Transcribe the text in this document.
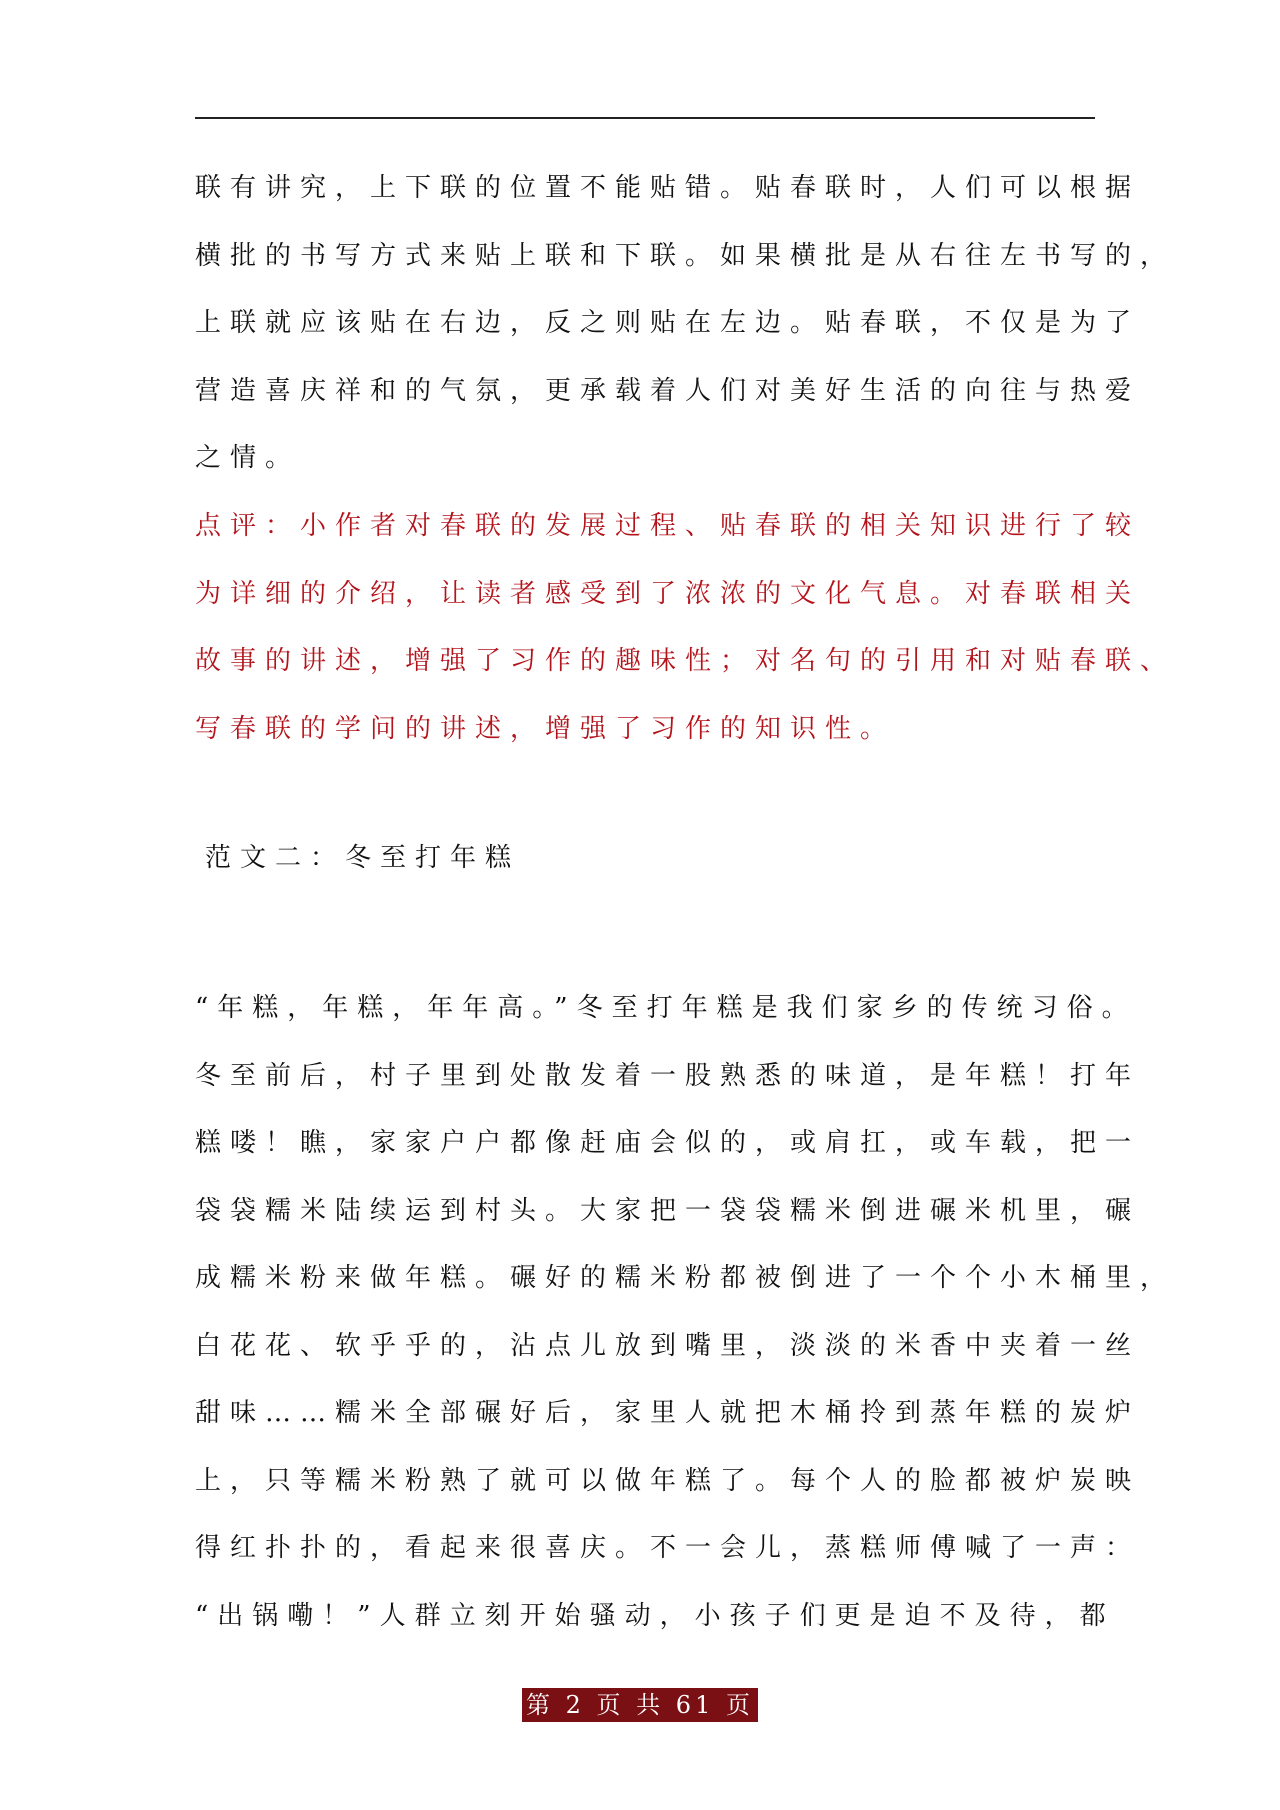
联有讲究，上下联的位置不能贴错。贴春联时，人们可以根据
横批的书写方式来贴上联和下联。如果横批是从右往左书写的，
上联就应该贴在右边，反之则贴在左边。贴春联，不仅是为了
营造喜庆祥和的气氛，更承载着人们对美好生活的向往与热爱
之情。
点评：小作者对春联的发展过程、贴春联的相关知识进行了较
为详细的介绍，让读者感受到了浓浓的文化气息。对春联相关
故事的讲述，增强了习作的趣味性；对名句的引用和对贴春联、
写春联的学问的讲述，增强了习作的知识性。
范文二：冬至打年糕
“年糕，年糕，年年高。”冬至打年糕是我们家乡的传统习俗。
冬至前后，村子里到处散发着一股熟悉的味道，是年糕！打年
糕喽！瞧，家家户户都像赶庙会似的，或肩扛，或车载，把一
袋袋糯米陆续运到村头。大家把一袋袋糯米倒进碾米机里，碾
成糯米粉来做年糕。碾好的糯米粉都被倒进了一个个小木桶里，
白花花、软乎乎的，沾点儿放到嘴里，淡淡的米香中夹着一丝
甜味……糯米全部碾好后，家里人就把木桶拎到蒸年糕的炭炉
上，只等糯米粉熟了就可以做年糕了。每个人的脸都被炉炭映
得红扑扑的，看起来很喜庆。不一会儿，蒸糕师傅喊了一声：
“出锅嘞！”人群立刻开始骚动，小孩子们更是迫不及待，都
第 2 页 共 61 页
